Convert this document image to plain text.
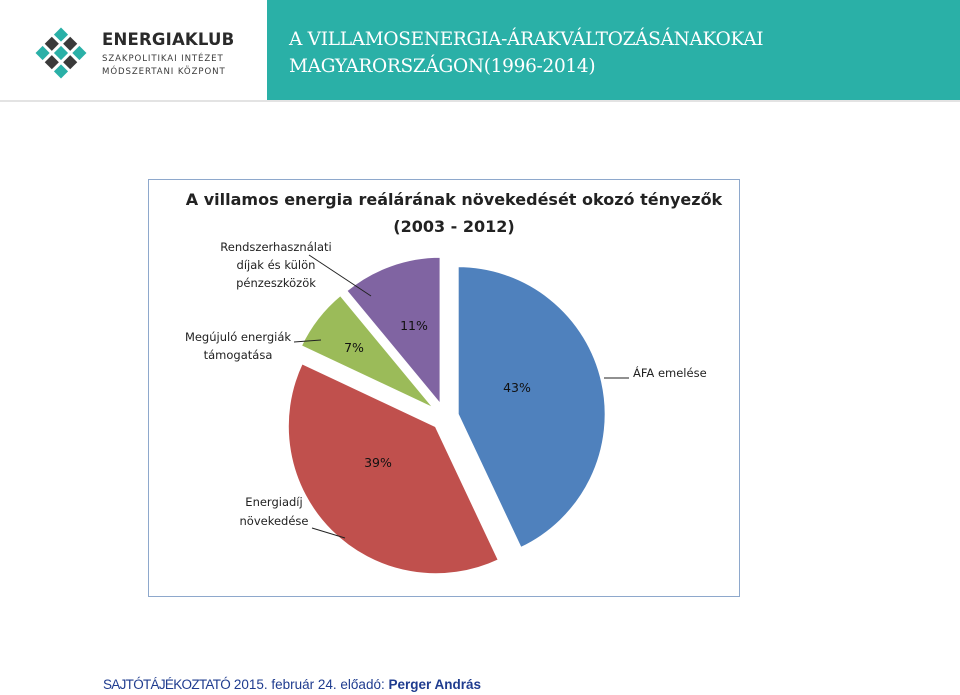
ENERGIAKLUB
SZAKPOLITIKAI INTÉZET
MÓDSZERTANI KÖZPONT
A VILLAMOSENERGIA-ÁRAKVÁLTOZÁSÁNAKOKAI
MAGYARORSZÁGON(1996-2014)
A villamos energia reálárának növekedését okozó tényezők
(2003 - 2012)
43%
ÁFA emelése
39%
Energiadíj növekedése
7%
Megújuló energiák támogatása
11%
Rendszerhasználati díjak és külön pénzeszközök
SAJTÓTÁJÉKOZTATÓ 2015. február 24. előadó: Perger András
